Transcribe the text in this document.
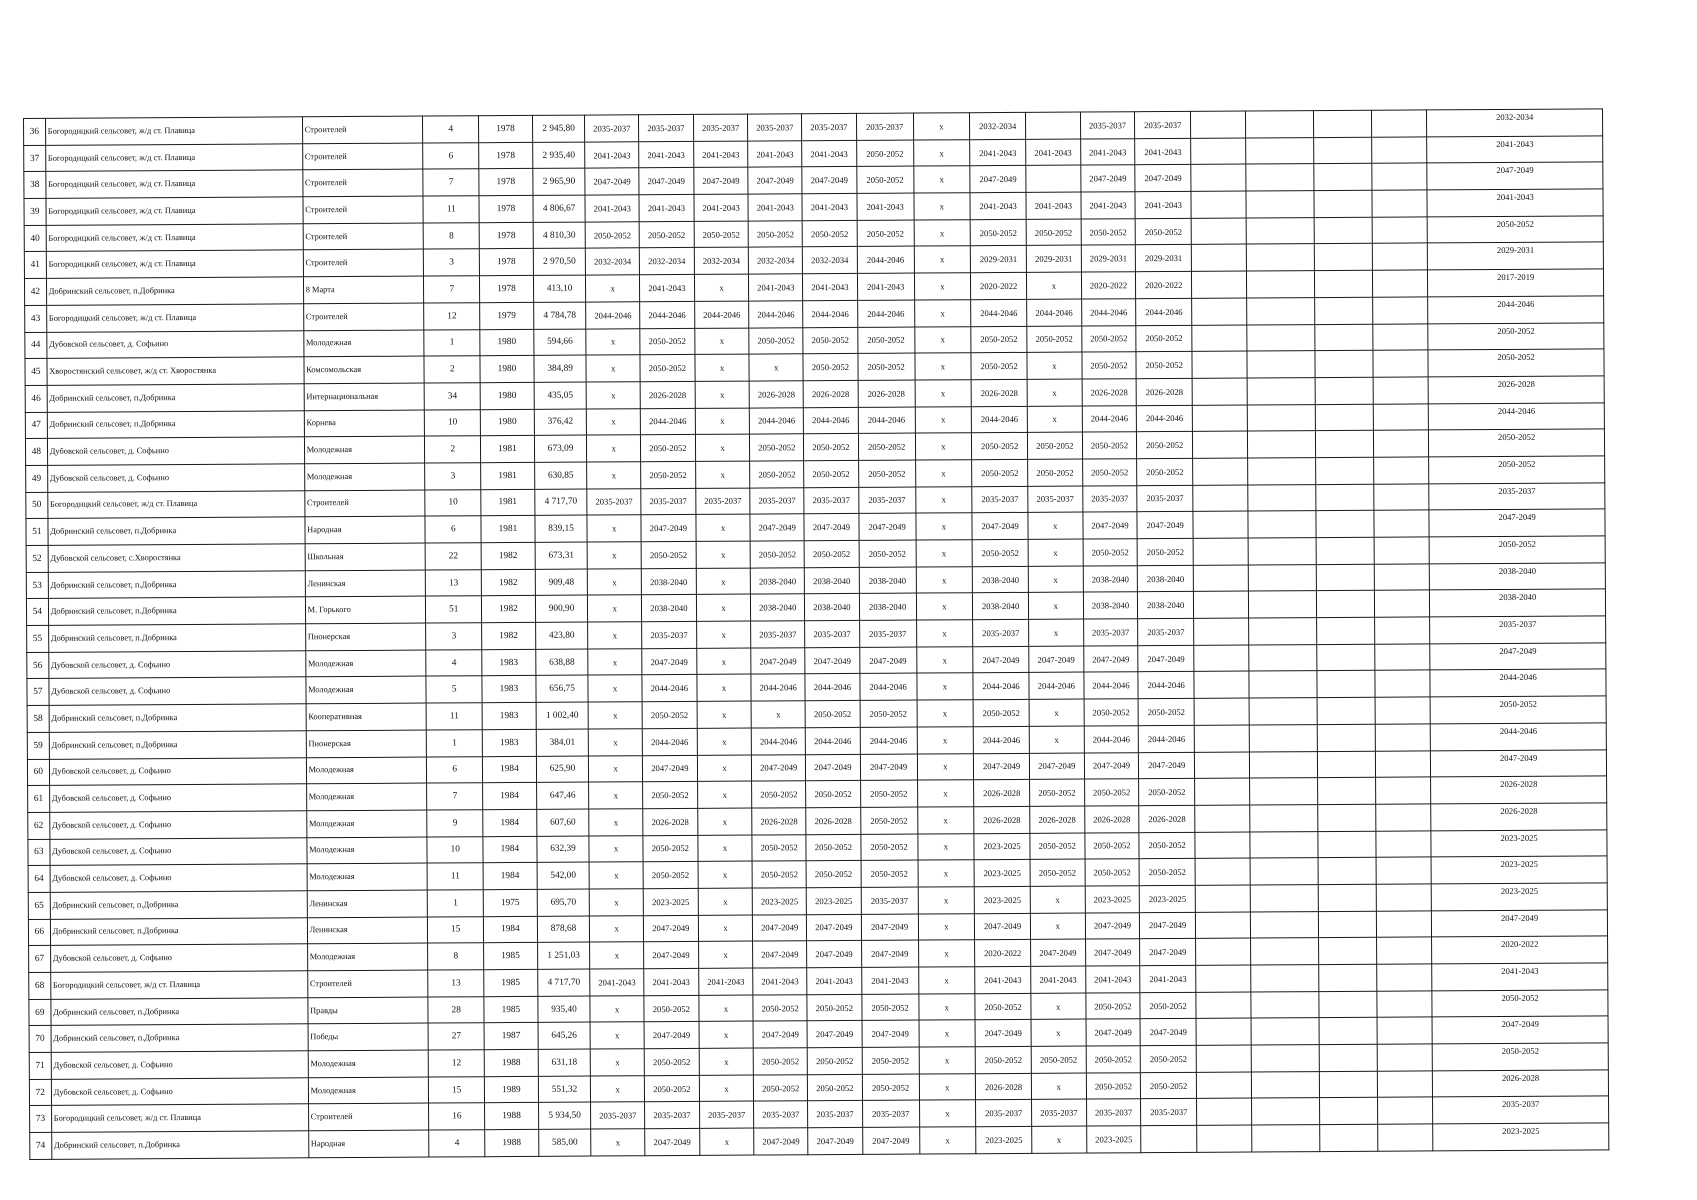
36	Богородицкий сельсовет, ж/д ст. Плавица	Строителей	4	1978	2 945,80	2035-2037	2035-2037	2035-2037	2035-2037	2035-2037	2035-2037	x	2032-2034		2035-2037	2035-2037					2032-2034
37	Богородицкий сельсовет, ж/д ст. Плавица	Строителей	6	1978	2 935,40	2041-2043	2041-2043	2041-2043	2041-2043	2041-2043	2050-2052	x	2041-2043	2041-2043	2041-2043	2041-2043					2041-2043
38	Богородицкий сельсовет, ж/д ст. Плавица	Строителей	7	1978	2 965,90	2047-2049	2047-2049	2047-2049	2047-2049	2047-2049	2050-2052	x	2047-2049		2047-2049	2047-2049					2047-2049
39	Богородицкий сельсовет, ж/д ст. Плавица	Строителей	11	1978	4 806,67	2041-2043	2041-2043	2041-2043	2041-2043	2041-2043	2041-2043	x	2041-2043	2041-2043	2041-2043	2041-2043					2041-2043
40	Богородицкий сельсовет, ж/д ст. Плавица	Строителей	8	1978	4 810,30	2050-2052	2050-2052	2050-2052	2050-2052	2050-2052	2050-2052	x	2050-2052	2050-2052	2050-2052	2050-2052					2050-2052
41	Богородицкий сельсовет, ж/д ст. Плавица	Строителей	3	1978	2 970,50	2032-2034	2032-2034	2032-2034	2032-2034	2032-2034	2044-2046	x	2029-2031	2029-2031	2029-2031	2029-2031					2029-2031
42	Добринский сельсовет, п.Добринка	8 Марта	7	1978	413,10	x	2041-2043	x	2041-2043	2041-2043	2041-2043	x	2020-2022	x	2020-2022	2020-2022					2017-2019
43	Богородицкий сельсовет, ж/д ст. Плавица	Строителей	12	1979	4 784,78	2044-2046	2044-2046	2044-2046	2044-2046	2044-2046	2044-2046	x	2044-2046	2044-2046	2044-2046	2044-2046					2044-2046
44	Дубовской сельсовет, д. Софьино	Молодежная	1	1980	594,66	x	2050-2052	x	2050-2052	2050-2052	2050-2052	x	2050-2052	2050-2052	2050-2052	2050-2052					2050-2052
45	Хворостянский сельсовет, ж/д ст. Хворостянка	Комсомольская	2	1980	384,89	x	2050-2052	x	x	2050-2052	2050-2052	x	2050-2052	x	2050-2052	2050-2052					2050-2052
46	Добринский сельсовет, п.Добринка	Интернациональная	34	1980	435,05	x	2026-2028	x	2026-2028	2026-2028	2026-2028	x	2026-2028	x	2026-2028	2026-2028					2026-2028
47	Добринский сельсовет, п.Добринка	Корнева	10	1980	376,42	x	2044-2046	x	2044-2046	2044-2046	2044-2046	x	2044-2046	x	2044-2046	2044-2046					2044-2046
48	Дубовской сельсовет, д. Софьино	Молодежная	2	1981	673,09	x	2050-2052	x	2050-2052	2050-2052	2050-2052	x	2050-2052	2050-2052	2050-2052	2050-2052					2050-2052
49	Дубовской сельсовет, д. Софьино	Молодежная	3	1981	630,85	x	2050-2052	x	2050-2052	2050-2052	2050-2052	x	2050-2052	2050-2052	2050-2052	2050-2052					2050-2052
50	Богородицкий сельсовет, ж/д ст. Плавица	Строителей	10	1981	4 717,70	2035-2037	2035-2037	2035-2037	2035-2037	2035-2037	2035-2037	x	2035-2037	2035-2037	2035-2037	2035-2037					2035-2037
51	Добринский сельсовет, п.Добринка	Народная	6	1981	839,15	x	2047-2049	x	2047-2049	2047-2049	2047-2049	x	2047-2049	x	2047-2049	2047-2049					2047-2049
52	Дубовской сельсовет, с.Хворостянка	Школьная	22	1982	673,31	x	2050-2052	x	2050-2052	2050-2052	2050-2052	x	2050-2052	x	2050-2052	2050-2052					2050-2052
53	Добринский сельсовет, п.Добринка	Ленинская	13	1982	909,48	x	2038-2040	x	2038-2040	2038-2040	2038-2040	x	2038-2040	x	2038-2040	2038-2040					2038-2040
54	Добринский сельсовет, п.Добринка	М. Горького	51	1982	900,90	x	2038-2040	x	2038-2040	2038-2040	2038-2040	x	2038-2040	x	2038-2040	2038-2040					2038-2040
55	Добринский сельсовет, п.Добринка	Пионерская	3	1982	423,80	x	2035-2037	x	2035-2037	2035-2037	2035-2037	x	2035-2037	x	2035-2037	2035-2037					2035-2037
56	Дубовской сельсовет, д. Софьино	Молодежная	4	1983	638,88	x	2047-2049	x	2047-2049	2047-2049	2047-2049	x	2047-2049	2047-2049	2047-2049	2047-2049					2047-2049
57	Дубовской сельсовет, д. Софьино	Молодежная	5	1983	656,75	x	2044-2046	x	2044-2046	2044-2046	2044-2046	x	2044-2046	2044-2046	2044-2046	2044-2046					2044-2046
58	Добринский сельсовет, п.Добринка	Кооперативная	11	1983	1 002,40	x	2050-2052	x	x	2050-2052	2050-2052	x	2050-2052	x	2050-2052	2050-2052					2050-2052
59	Добринский сельсовет, п.Добринка	Пионерская	1	1983	384,01	x	2044-2046	x	2044-2046	2044-2046	2044-2046	x	2044-2046	x	2044-2046	2044-2046					2044-2046
60	Дубовской сельсовет, д. Софьино	Молодежная	6	1984	625,90	x	2047-2049	x	2047-2049	2047-2049	2047-2049	x	2047-2049	2047-2049	2047-2049	2047-2049					2047-2049
61	Дубовской сельсовет, д. Софьино	Молодежная	7	1984	647,46	x	2050-2052	x	2050-2052	2050-2052	2050-2052	x	2026-2028	2050-2052	2050-2052	2050-2052					2026-2028
62	Дубовской сельсовет, д. Софьино	Молодежная	9	1984	607,60	x	2026-2028	x	2026-2028	2026-2028	2050-2052	x	2026-2028	2026-2028	2026-2028	2026-2028					2026-2028
63	Дубовской сельсовет, д. Софьино	Молодежная	10	1984	632,39	x	2050-2052	x	2050-2052	2050-2052	2050-2052	x	2023-2025	2050-2052	2050-2052	2050-2052					2023-2025
64	Дубовской сельсовет, д. Софьино	Молодежная	11	1984	542,00	x	2050-2052	x	2050-2052	2050-2052	2050-2052	x	2023-2025	2050-2052	2050-2052	2050-2052					2023-2025
65	Добринский сельсовет, п.Добринка	Ленинская	1	1975	695,70	x	2023-2025	x	2023-2025	2023-2025	2035-2037	x	2023-2025	x	2023-2025	2023-2025					2023-2025
66	Добринский сельсовет, п.Добринка	Ленинская	15	1984	878,68	x	2047-2049	x	2047-2049	2047-2049	2047-2049	x	2047-2049	x	2047-2049	2047-2049					2047-2049
67	Дубовской сельсовет, д. Софьино	Молодежная	8	1985	1 251,03	x	2047-2049	x	2047-2049	2047-2049	2047-2049	x	2020-2022	2047-2049	2047-2049	2047-2049					2020-2022
68	Богородицкий сельсовет, ж/д ст. Плавица	Строителей	13	1985	4 717,70	2041-2043	2041-2043	2041-2043	2041-2043	2041-2043	2041-2043	x	2041-2043	2041-2043	2041-2043	2041-2043					2041-2043
69	Добринский сельсовет, п.Добринка	Правды	28	1985	935,40	x	2050-2052	x	2050-2052	2050-2052	2050-2052	x	2050-2052	x	2050-2052	2050-2052					2050-2052
70	Добринский сельсовет, п.Добринка	Победы	27	1987	645,26	x	2047-2049	x	2047-2049	2047-2049	2047-2049	x	2047-2049	x	2047-2049	2047-2049					2047-2049
71	Дубовской сельсовет, д. Софьино	Молодежная	12	1988	631,18	x	2050-2052	x	2050-2052	2050-2052	2050-2052	x	2050-2052	2050-2052	2050-2052	2050-2052					2050-2052
72	Дубовской сельсовет, д. Софьино	Молодежная	15	1989	551,32	x	2050-2052	x	2050-2052	2050-2052	2050-2052	x	2026-2028	x	2050-2052	2050-2052					2026-2028
73	Богородицкий сельсовет, ж/д ст. Плавица	Строителей	16	1988	5 934,50	2035-2037	2035-2037	2035-2037	2035-2037	2035-2037	2035-2037	x	2035-2037	2035-2037	2035-2037	2035-2037					2035-2037
74	Добринский сельсовет, п.Добринка	Народная	4	1988	585,00	x	2047-2049	x	2047-2049	2047-2049	2047-2049	x	2023-2025	x	2023-2025						2023-2025
